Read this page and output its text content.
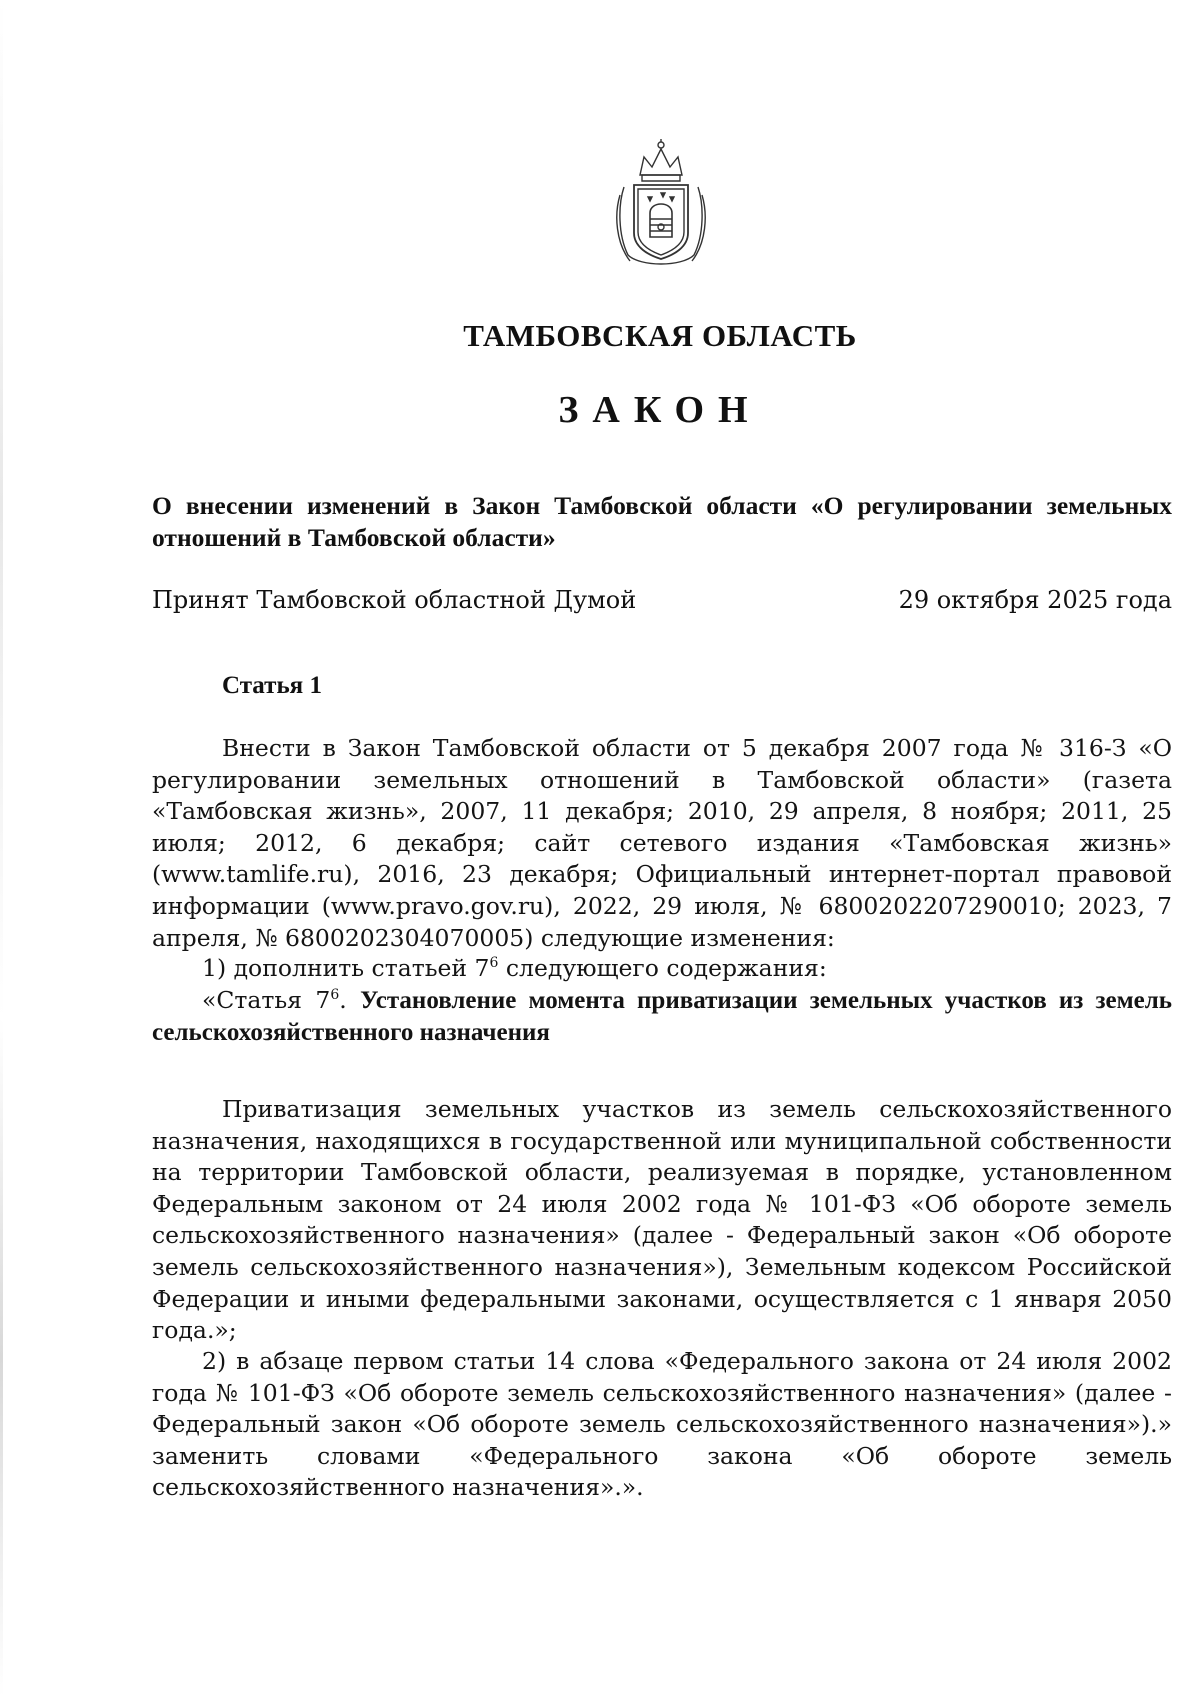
ТАМБОВСКАЯ ОБЛАСТЬ
ЗАКОН
О внесении изменений в Закон Тамбовской области «О регулировании земельных отношений в Тамбовской области»
Принят Тамбовской областной Думой	29 октября 2025 года
Статья 1

Внести в Закон Тамбовской области от 5 декабря 2007 года № 316-З «О регулировании земельных отношений в Тамбовской области» (газета «Тамбовская жизнь», 2007, 11 декабря; 2010, 29 апреля, 8 ноября; 2011, 25 июля; 2012, 6 декабря; сайт сетевого издания «Тамбовская жизнь» (www.tamlife.ru), 2016, 23 декабря; Официальный интернет-портал правовой информации (www.pravo.gov.ru), 2022, 29 июля, № 6800202207290010; 2023, 7 апреля, № 6800202304070005) следующие изменения:

1) дополнить статьей $7^6$ следующего содержания:

«Статья $7^6$. Установление момента приватизации земельных участков из земель сельскохозяйственного назначения

Приватизация земельных участков из земель сельскохозяйственного назначения, находящихся в государственной или муниципальной собственности на территории Тамбовской области, реализуемая в порядке, установленном Федеральным законом от 24 июля 2002 года № 101-ФЗ «Об обороте земель сельскохозяйственного назначения» (далее - Федеральный закон «Об обороте земель сельскохозяйственного назначения»), Земельным кодексом Российской Федерации и иными федеральными законами, осуществляется с 1 января 2050 года.»;

2) в абзаце первом статьи 14 слова «Федерального закона от 24 июля 2002 года № 101-ФЗ «Об обороте земель сельскохозяйственного назначения» (далее - Федеральный закон «Об обороте земель сельскохозяйственного назначения»).» заменить словами «Федерального закона «Об обороте земель сельскохозяйственного назначения».».
